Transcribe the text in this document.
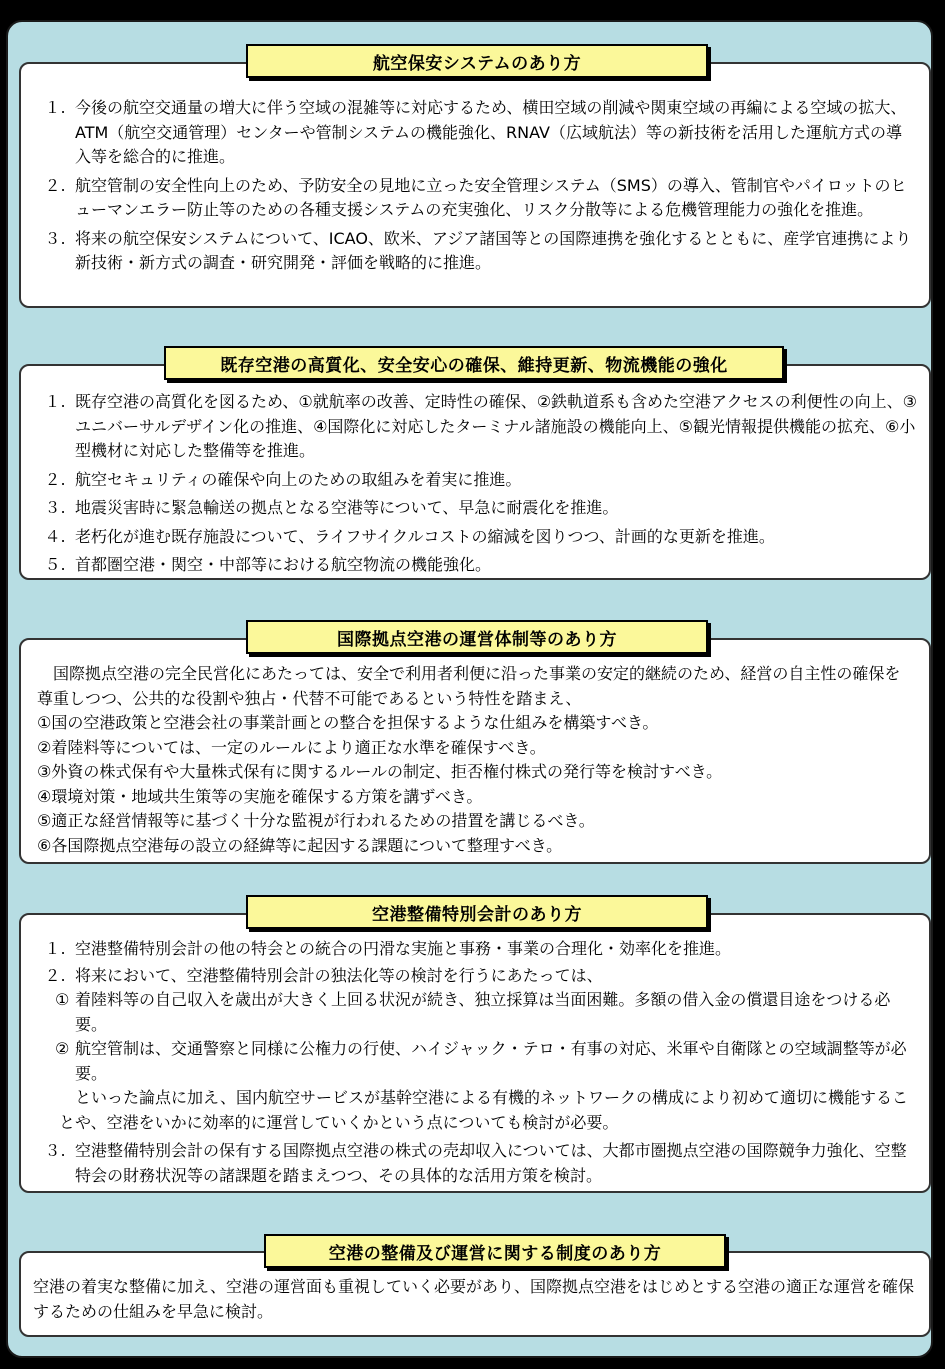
１. 今後の航空交通量の増大に伴う空域の混雑等に対応するため、横田空域の削減や関東空域の再編による空域の拡大、ATM（航空交通管理）センターや管制システムの機能強化、RNAV（広域航法）等の新技術を活用した運航方式の導入等を総合的に推進。
２. 航空管制の安全性向上のため、予防安全の見地に立った安全管理システム（SMS）の導入、管制官やパイロットのヒューマンエラー防止等のための各種支援システムの充実強化、リスク分散等による危機管理能力の強化を推進。
３. 将来の航空保安システムについて、ICAO、欧米、アジア諸国等との国際連携を強化するとともに、産学官連携により新技術・新方式の調査・研究開発・評価を戦略的に推進。
航空保安システムのあり方
１. 既存空港の高質化を図るため、①就航率の改善、定時性の確保、②鉄軌道系も含めた空港アクセスの利便性の向上、③ユニバーサルデザイン化の推進、④国際化に対応したターミナル諸施設の機能向上、⑤観光情報提供機能の拡充、⑥小型機材に対応した整備等を推進。
２. 航空セキュリティの確保や向上のための取組みを着実に推進。
３. 地震災害時に緊急輸送の拠点となる空港等について、早急に耐震化を推進。
４. 老朽化が進む既存施設について、ライフサイクルコストの縮減を図りつつ、計画的な更新を推進。
５. 首都圏空港・関空・中部等における航空物流の機能強化。
既存空港の高質化、安全安心の確保、維持更新、物流機能の強化
　国際拠点空港の完全民営化にあたっては、安全で利用者利便に沿った事業の安定的継続のため、経営の自主性の確保を尊重しつつ、公共的な役割や独占・代替不可能であるという特性を踏まえ、
①国の空港政策と空港会社の事業計画との整合を担保するような仕組みを構築すべき。
②着陸料等については、一定のルールにより適正な水準を確保すべき。
③外資の株式保有や大量株式保有に関するルールの制定、拒否権付株式の発行等を検討すべき。
④環境対策・地域共生策等の実施を確保する方策を講ずべき。
⑤適正な経営情報等に基づく十分な監視が行われるための措置を講じるべき。
⑥各国際拠点空港毎の設立の経緯等に起因する課題について整理すべき。
国際拠点空港の運営体制等のあり方
１. 空港整備特別会計の他の特会との統合の円滑な実施と事務・事業の合理化・効率化を推進。
２. 将来において、空港整備特別会計の独法化等の検討を行うにあたっては、
① 着陸料等の自己収入を歳出が大きく上回る状況が続き、独立採算は当面困難。多額の借入金の償還目途をつける必要。
② 航空管制は、交通警察と同様に公権力の行使、ハイジャック・テロ・有事の対応、米軍や自衛隊との空域調整等が必要。
　といった論点に加え、国内航空サービスが基幹空港による有機的ネットワークの構成により初めて適切に機能することや、空港をいかに効率的に運営していくかという点についても検討が必要。
３. 空港整備特別会計の保有する国際拠点空港の株式の売却収入については、大都市圏拠点空港の国際競争力強化、空整特会の財務状況等の諸課題を踏まえつつ、その具体的な活用方策を検討。
空港整備特別会計のあり方
空港の着実な整備に加え、空港の運営面も重視していく必要があり、国際拠点空港をはじめとする空港の適正な運営を確保するための仕組みを早急に検討。
空港の整備及び運営に関する制度のあり方
